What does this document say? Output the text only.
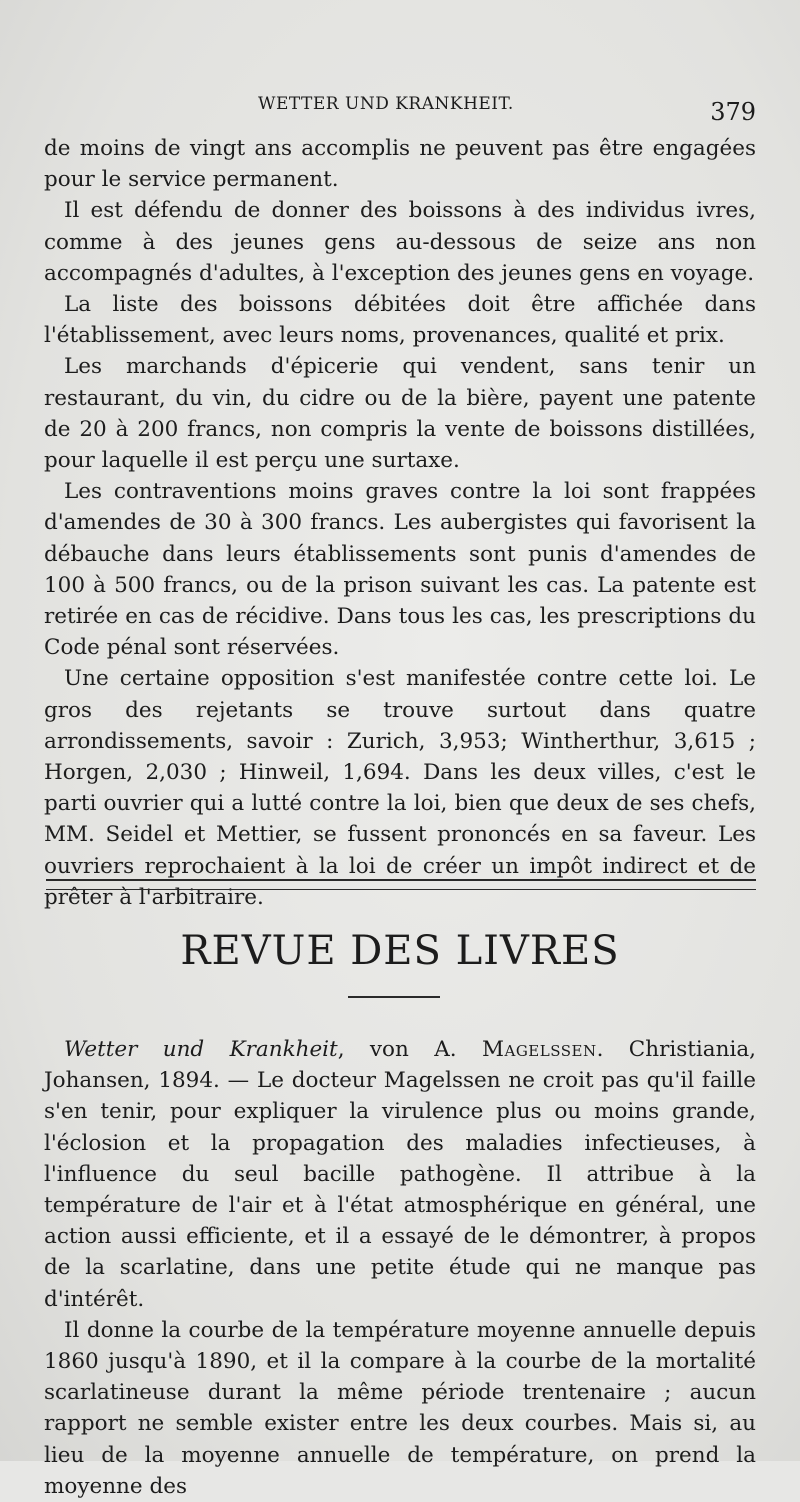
WETTER UND KRANKHEIT.	379

de moins de vingt ans accomplis ne peuvent pas être engagées pour le service permanent.

Il est défendu de donner des boissons à des individus ivres, comme à des jeunes gens au-dessous de seize ans non accompagnés d'adultes, à l'exception des jeunes gens en voyage.

La liste des boissons débitées doit être affichée dans l'établissement, avec leurs noms, provenances, qualité et prix.

Les marchands d'épicerie qui vendent, sans tenir un restaurant, du vin, du cidre ou de la bière, payent une patente de 20 à 200 francs, non compris la vente de boissons distillées, pour laquelle il est perçu une surtaxe.

Les contraventions moins graves contre la loi sont frappées d'amendes de 30 à 300 francs. Les aubergistes qui favorisent la débauche dans leurs établissements sont punis d'amendes de 100 à 500 francs, ou de la prison suivant les cas. La patente est retirée en cas de récidive. Dans tous les cas, les prescriptions du Code pénal sont réservées.

Une certaine opposition s'est manifestée contre cette loi. Le gros des rejetants se trouve surtout dans quatre arrondissements, savoir : Zurich, 3,953; Wintherthur, 3,615 ; Horgen, 2,030 ; Hinweil, 1,694. Dans les deux villes, c'est le parti ouvrier qui a lutté contre la loi, bien que deux de ses chefs, MM. Seidel et Mettier, se fussent prononcés en sa faveur. Les ouvriers reprochaient à la loi de créer un impôt indirect et de prêter à l'arbitraire.

REVUE DES LIVRES

Wetter und Krankheit, von A. Magelssen. Christiania, Johansen, 1894. — Le docteur Magelssen ne croit pas qu'il faille s'en tenir, pour expliquer la virulence plus ou moins grande, l'éclosion et la propagation des maladies infectieuses, à l'influence du seul bacille pathogène. Il attribue à la température de l'air et à l'état atmosphérique en général, une action aussi efficiente, et il a essayé de le démontrer, à propos de la scarlatine, dans une petite étude qui ne manque pas d'intérêt.

Il donne la courbe de la température moyenne annuelle depuis 1860 jusqu'à 1890, et il la compare à la courbe de la mortalité scarlatineuse durant la même période trentenaire ; aucun rapport ne semble exister entre les deux courbes. Mais si, au lieu de la moyenne annuelle de température, on prend la moyenne des
